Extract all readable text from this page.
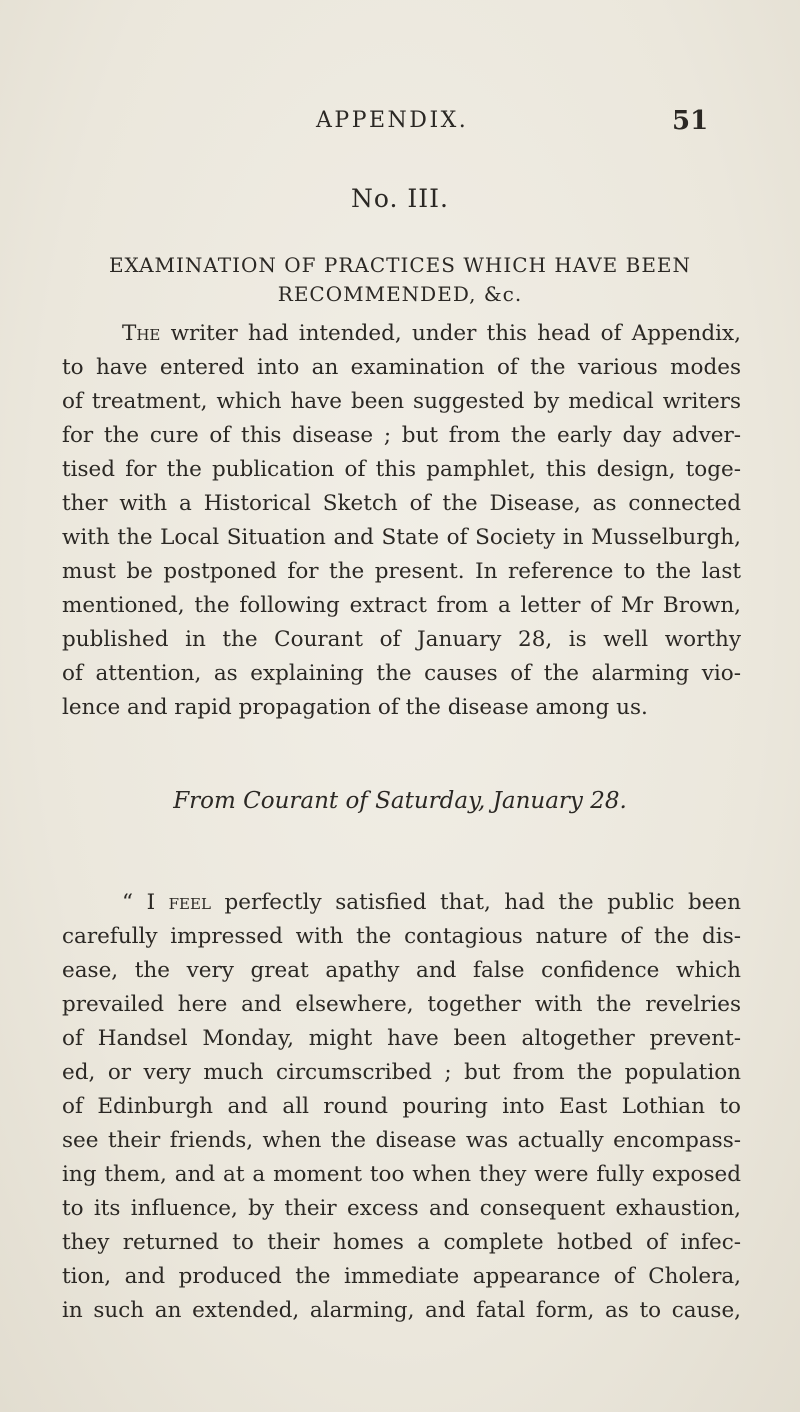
APPENDIX.	51
No. III.
EXAMINATION OF PRACTICES WHICH HAVE BEEN
RECOMMENDED, &c.
The writer had intended, under this head of Appendix,
to have entered into an examination of the various modes
of treatment, which have been suggested by medical writers
for the cure of this disease ; but from the early day adver-
tised for the publication of this pamphlet, this design, toge-
ther with a Historical Sketch of the Disease, as connected
with the Local Situation and State of Society in Musselburgh,
must be postponed for the present. In reference to the last
mentioned, the following extract from a letter of Mr Brown,
published in the Courant of January 28, is well worthy
of attention, as explaining the causes of the alarming vio-
lence and rapid propagation of the disease among us.
From Courant of Saturday, January 28.
“ I feel perfectly satisfied that, had the public been
carefully impressed with the contagious nature of the dis-
ease, the very great apathy and false confidence which
prevailed here and elsewhere, together with the revelries
of Handsel Monday, might have been altogether prevent-
ed, or very much circumscribed ; but from the population
of Edinburgh and all round pouring into East Lothian to
see their friends, when the disease was actually encompass-
ing them, and at a moment too when they were fully exposed
to its influence, by their excess and consequent exhaustion,
they returned to their homes a complete hotbed of infec-
tion, and produced the immediate appearance of Cholera,
in such an extended, alarming, and fatal form, as to cause,
